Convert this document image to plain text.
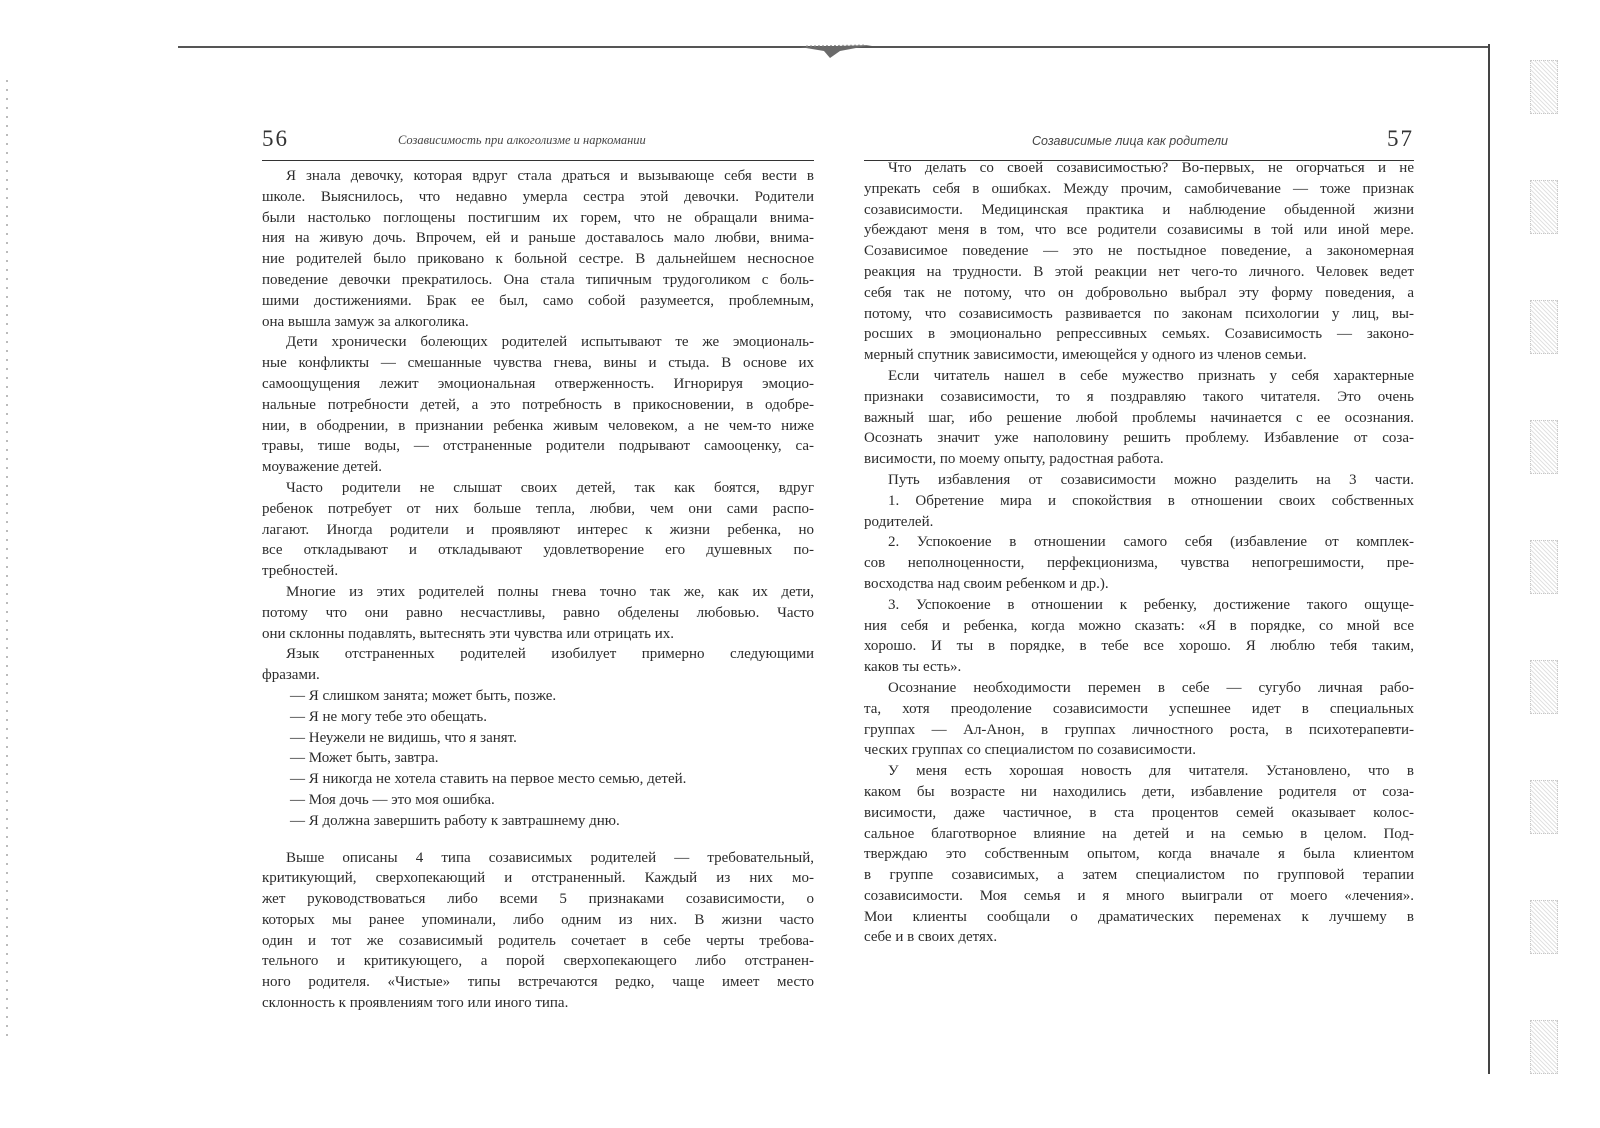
56	Созависимость при алкоголизме и наркомании
Я знала девочку, которая вдруг стала драться и вызывающе себя вести в
школе. Выяснилось, что недавно умерла сестра этой девочки. Родители
были настолько поглощены постигшим их горем, что не обращали внима-
ния на живую дочь. Впрочем, ей и раньше доставалось мало любви, внима-
ние родителей было приковано к больной сестре. В дальнейшем несносное
поведение девочки прекратилось. Она стала типичным трудоголиком с боль-
шими достижениями. Брак ее был, само собой разумеется, проблемным,
она вышла замуж за алкоголика.
Дети хронически болеющих родителей испытывают те же эмоциональ-
ные конфликты — смешанные чувства гнева, вины и стыда. В основе их
самоощущения лежит эмоциональная отверженность. Игнорируя эмоцио-
нальные потребности детей, а это потребность в прикосновении, в одобре-
нии, в ободрении, в признании ребенка живым человеком, а не чем-то ниже
травы, тише воды, — отстраненные родители подрывают самооценку, са-
моуважение детей.
Часто родители не слышат своих детей, так как боятся, вдруг
ребенок потребует от них больше тепла, любви, чем они сами распо-
лагают. Иногда родители и проявляют интерес к жизни ребенка, но
все откладывают и откладывают удовлетворение его душевных по-
требностей.
Многие из этих родителей полны гнева точно так же, как их дети,
потому что они равно несчастливы, равно обделены любовью. Часто
они склонны подавлять, вытеснять эти чувства или отрицать их.
Язык отстраненных родителей изобилует примерно следующими
фразами.
— Я слишком занята; может быть, позже.
— Я не могу тебе это обещать.
— Неужели не видишь, что я занят.
— Может быть, завтра.
— Я никогда не хотела ставить на первое место семью, детей.
— Моя дочь — это моя ошибка.
— Я должна завершить работу к завтрашнему дню.
Выше описаны 4 типа созависимых родителей — требовательный,
критикующий, сверхопекающий и отстраненный. Каждый из них мо-
жет руководствоваться либо всеми 5 признаками созависимости, о
которых мы ранее упоминали, либо одним из них. В жизни часто
один и тот же созависимый родитель сочетает в себе черты требова-
тельного и критикующего, а порой сверхопекающего либо отстранен-
ного родителя. «Чистые» типы встречаются редко, чаще имеет место
склонность к проявлениям того или иного типа.
Созависимые лица как родители	57
Что делать со своей созависимостью? Во-первых, не огорчаться и не
упрекать себя в ошибках. Между прочим, самобичевание — тоже признак
созависимости. Медицинская практика и наблюдение обыденной жизни
убеждают меня в том, что все родители созависимы в той или иной мере.
Созависимое поведение — это не постыдное поведение, а закономерная
реакция на трудности. В этой реакции нет чего-то личного. Человек ведет
себя так не потому, что он добровольно выбрал эту форму поведения, а
потому, что созависимость развивается по законам психологии у лиц, вы-
росших в эмоционально репрессивных семьях. Созависимость — законо-
мерный спутник зависимости, имеющейся у одного из членов семьи.
Если читатель нашел в себе мужество признать у себя характерные
признаки созависимости, то я поздравляю такого читателя. Это очень
важный шаг, ибо решение любой проблемы начинается с ее осознания.
Осознать значит уже наполовину решить проблему. Избавление от соза-
висимости, по моему опыту, радостная работа.
Путь избавления от созависимости можно разделить на 3 части.
1. Обретение мира и спокойствия в отношении своих собственных
родителей.
2. Успокоение в отношении самого себя (избавление от комплек-
сов неполноценности, перфекционизма, чувства непогрешимости, пре-
восходства над своим ребенком и др.).
3. Успокоение в отношении к ребенку, достижение такого ощуще-
ния себя и ребенка, когда можно сказать: «Я в порядке, со мной все
хорошо. И ты в порядке, в тебе все хорошо. Я люблю тебя таким,
каков ты есть».
Осознание необходимости перемен в себе — сугубо личная рабо-
та, хотя преодоление созависимости успешнее идет в специальных
группах — Ал-Анон, в группах личностного роста, в психотерапевти-
ческих группах со специалистом по созависимости.
У меня есть хорошая новость для читателя. Установлено, что в
каком бы возрасте ни находились дети, избавление родителя от соза-
висимости, даже частичное, в ста процентов семей оказывает колос-
сальное благотворное влияние на детей и на семью в целом. Под-
тверждаю это собственным опытом, когда вначале я была клиентом
в группе созависимых, а затем специалистом по групповой терапии
созависимости. Моя семья и я много выиграли от моего «лечения».
Мои клиенты сообщали о драматических переменах к лучшему в
себе и в своих детях.
